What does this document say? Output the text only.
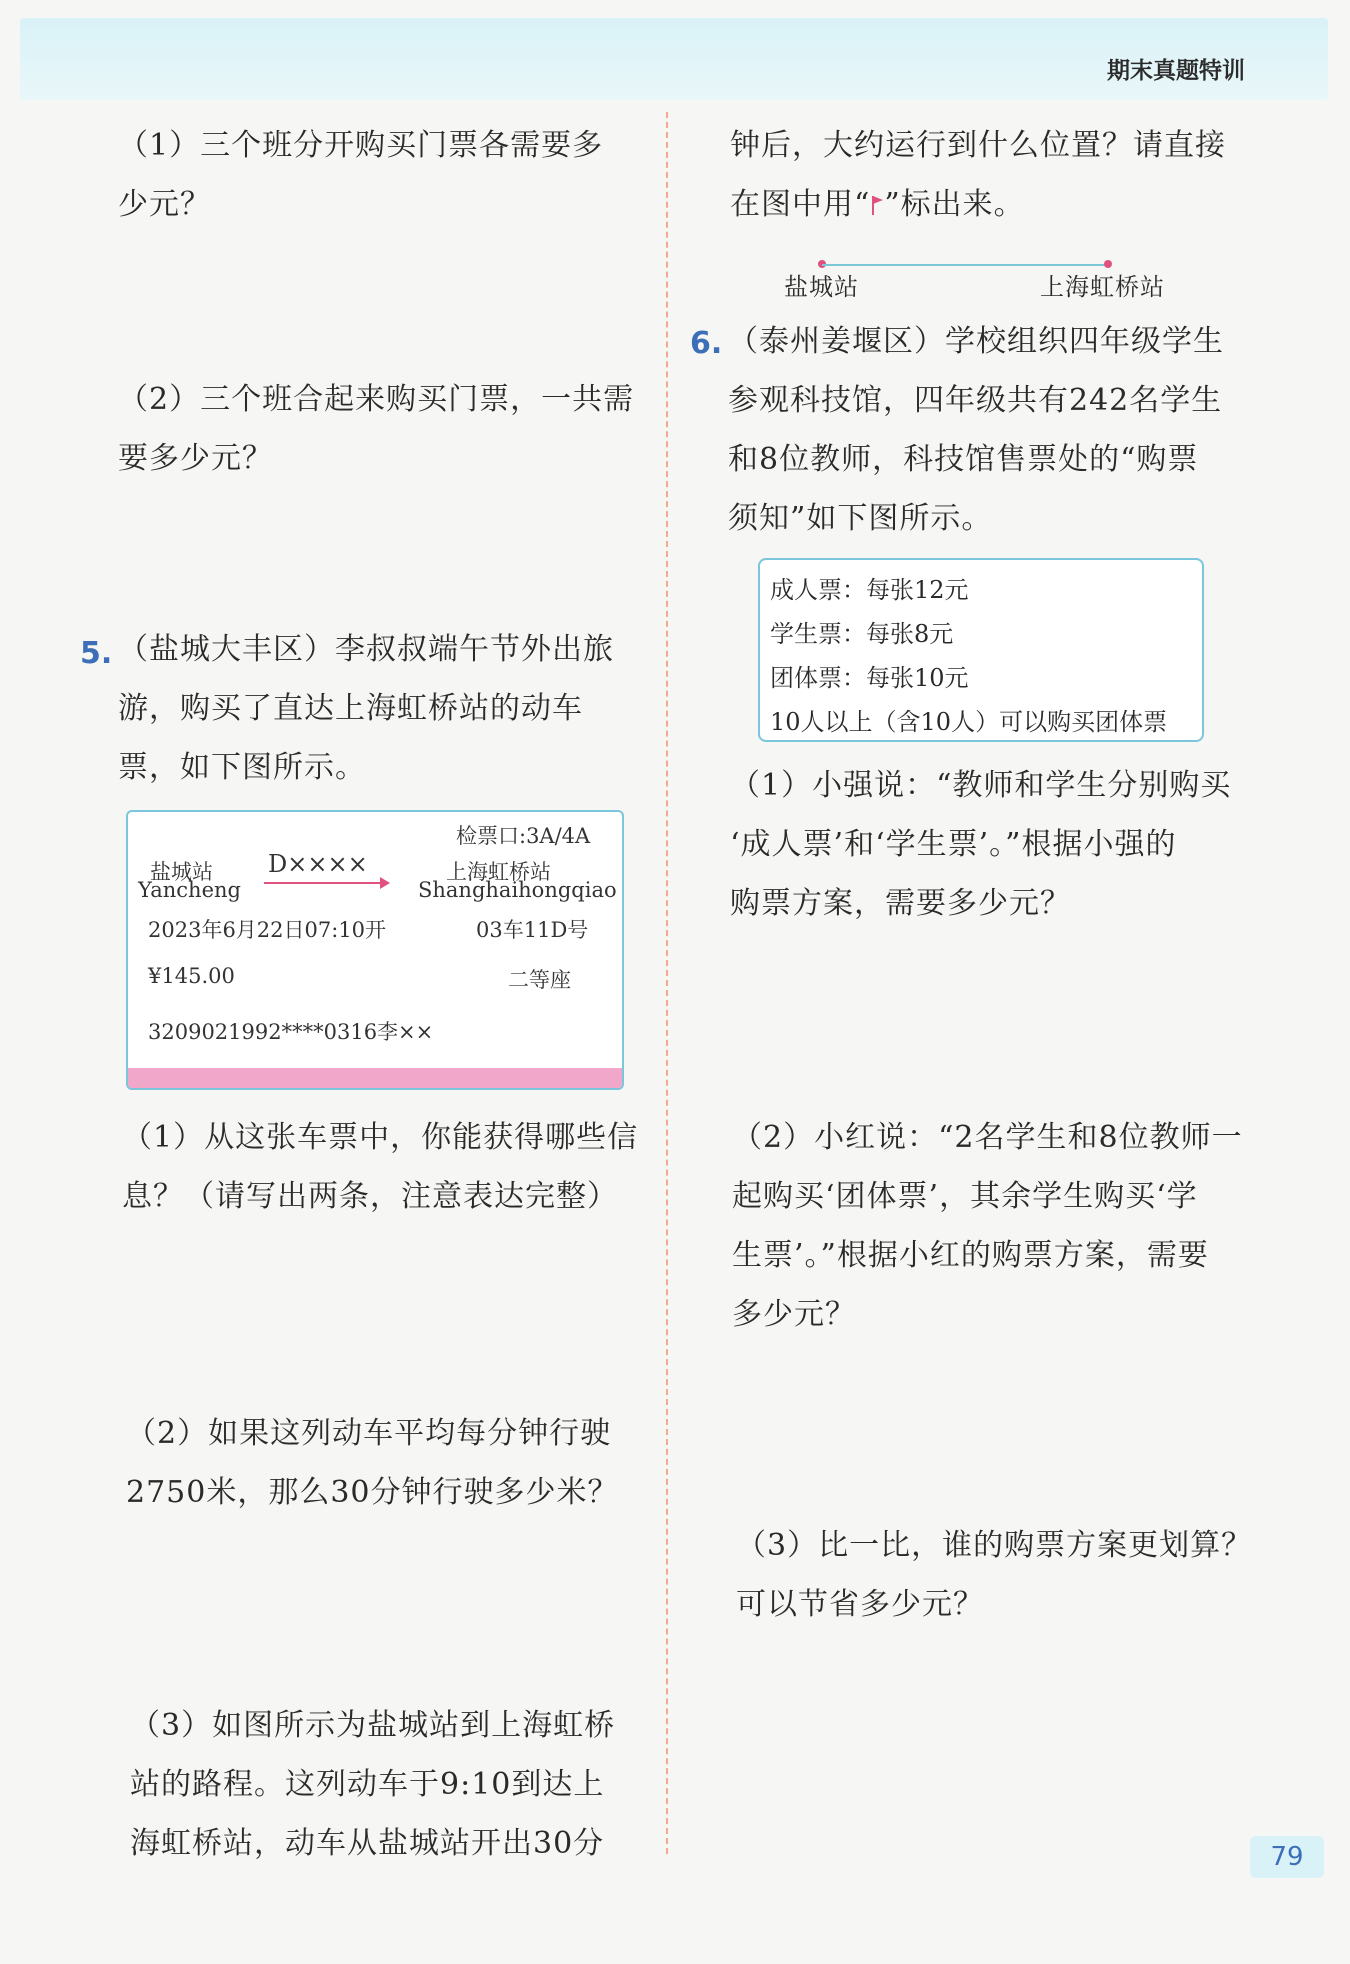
期末真题特训
（1）三个班分开购买门票各需要多
少元？
（2）三个班合起来购买门票，一共需
要多少元？
5. （盐城大丰区）李叔叔端午节外出旅
游，购买了直达上海虹桥站的动车
票，如下图所示。
检票口:3A/4A
盐城站
Yancheng
D××××	上海虹桥站
Shanghaihongqiao
2023年6月22日07:10开	03车11D号
¥145.00	二等座
3209021992****0316李××
（1）从这张车票中，你能获得哪些信
息？（请写出两条，注意表达完整）
（2）如果这列动车平均每分钟行驶
2750米，那么30分钟行驶多少米？
（3）如图所示为盐城站到上海虹桥
站的路程。这列动车于9:10到达上
海虹桥站，动车从盐城站开出30分
钟后，大约运行到什么位置？请直接
在图中用“ ”标出来。
盐城站	上海虹桥站
6. （泰州姜堰区）学校组织四年级学生
参观科技馆，四年级共有242名学生
和8位教师，科技馆售票处的“购票
须知”如下图所示。
成人票：每张12元
学生票：每张8元
团体票：每张10元
10人以上（含10人）可以购买团体票
（1）小强说：“教师和学生分别购买
‘成人票’和‘学生票’。”根据小强的
购票方案，需要多少元？
（2）小红说：“2名学生和8位教师一
起购买‘团体票’，其余学生购买‘学
生票’。”根据小红的购票方案，需要
多少元？
（3）比一比，谁的购票方案更划算？
可以节省多少元？
79
